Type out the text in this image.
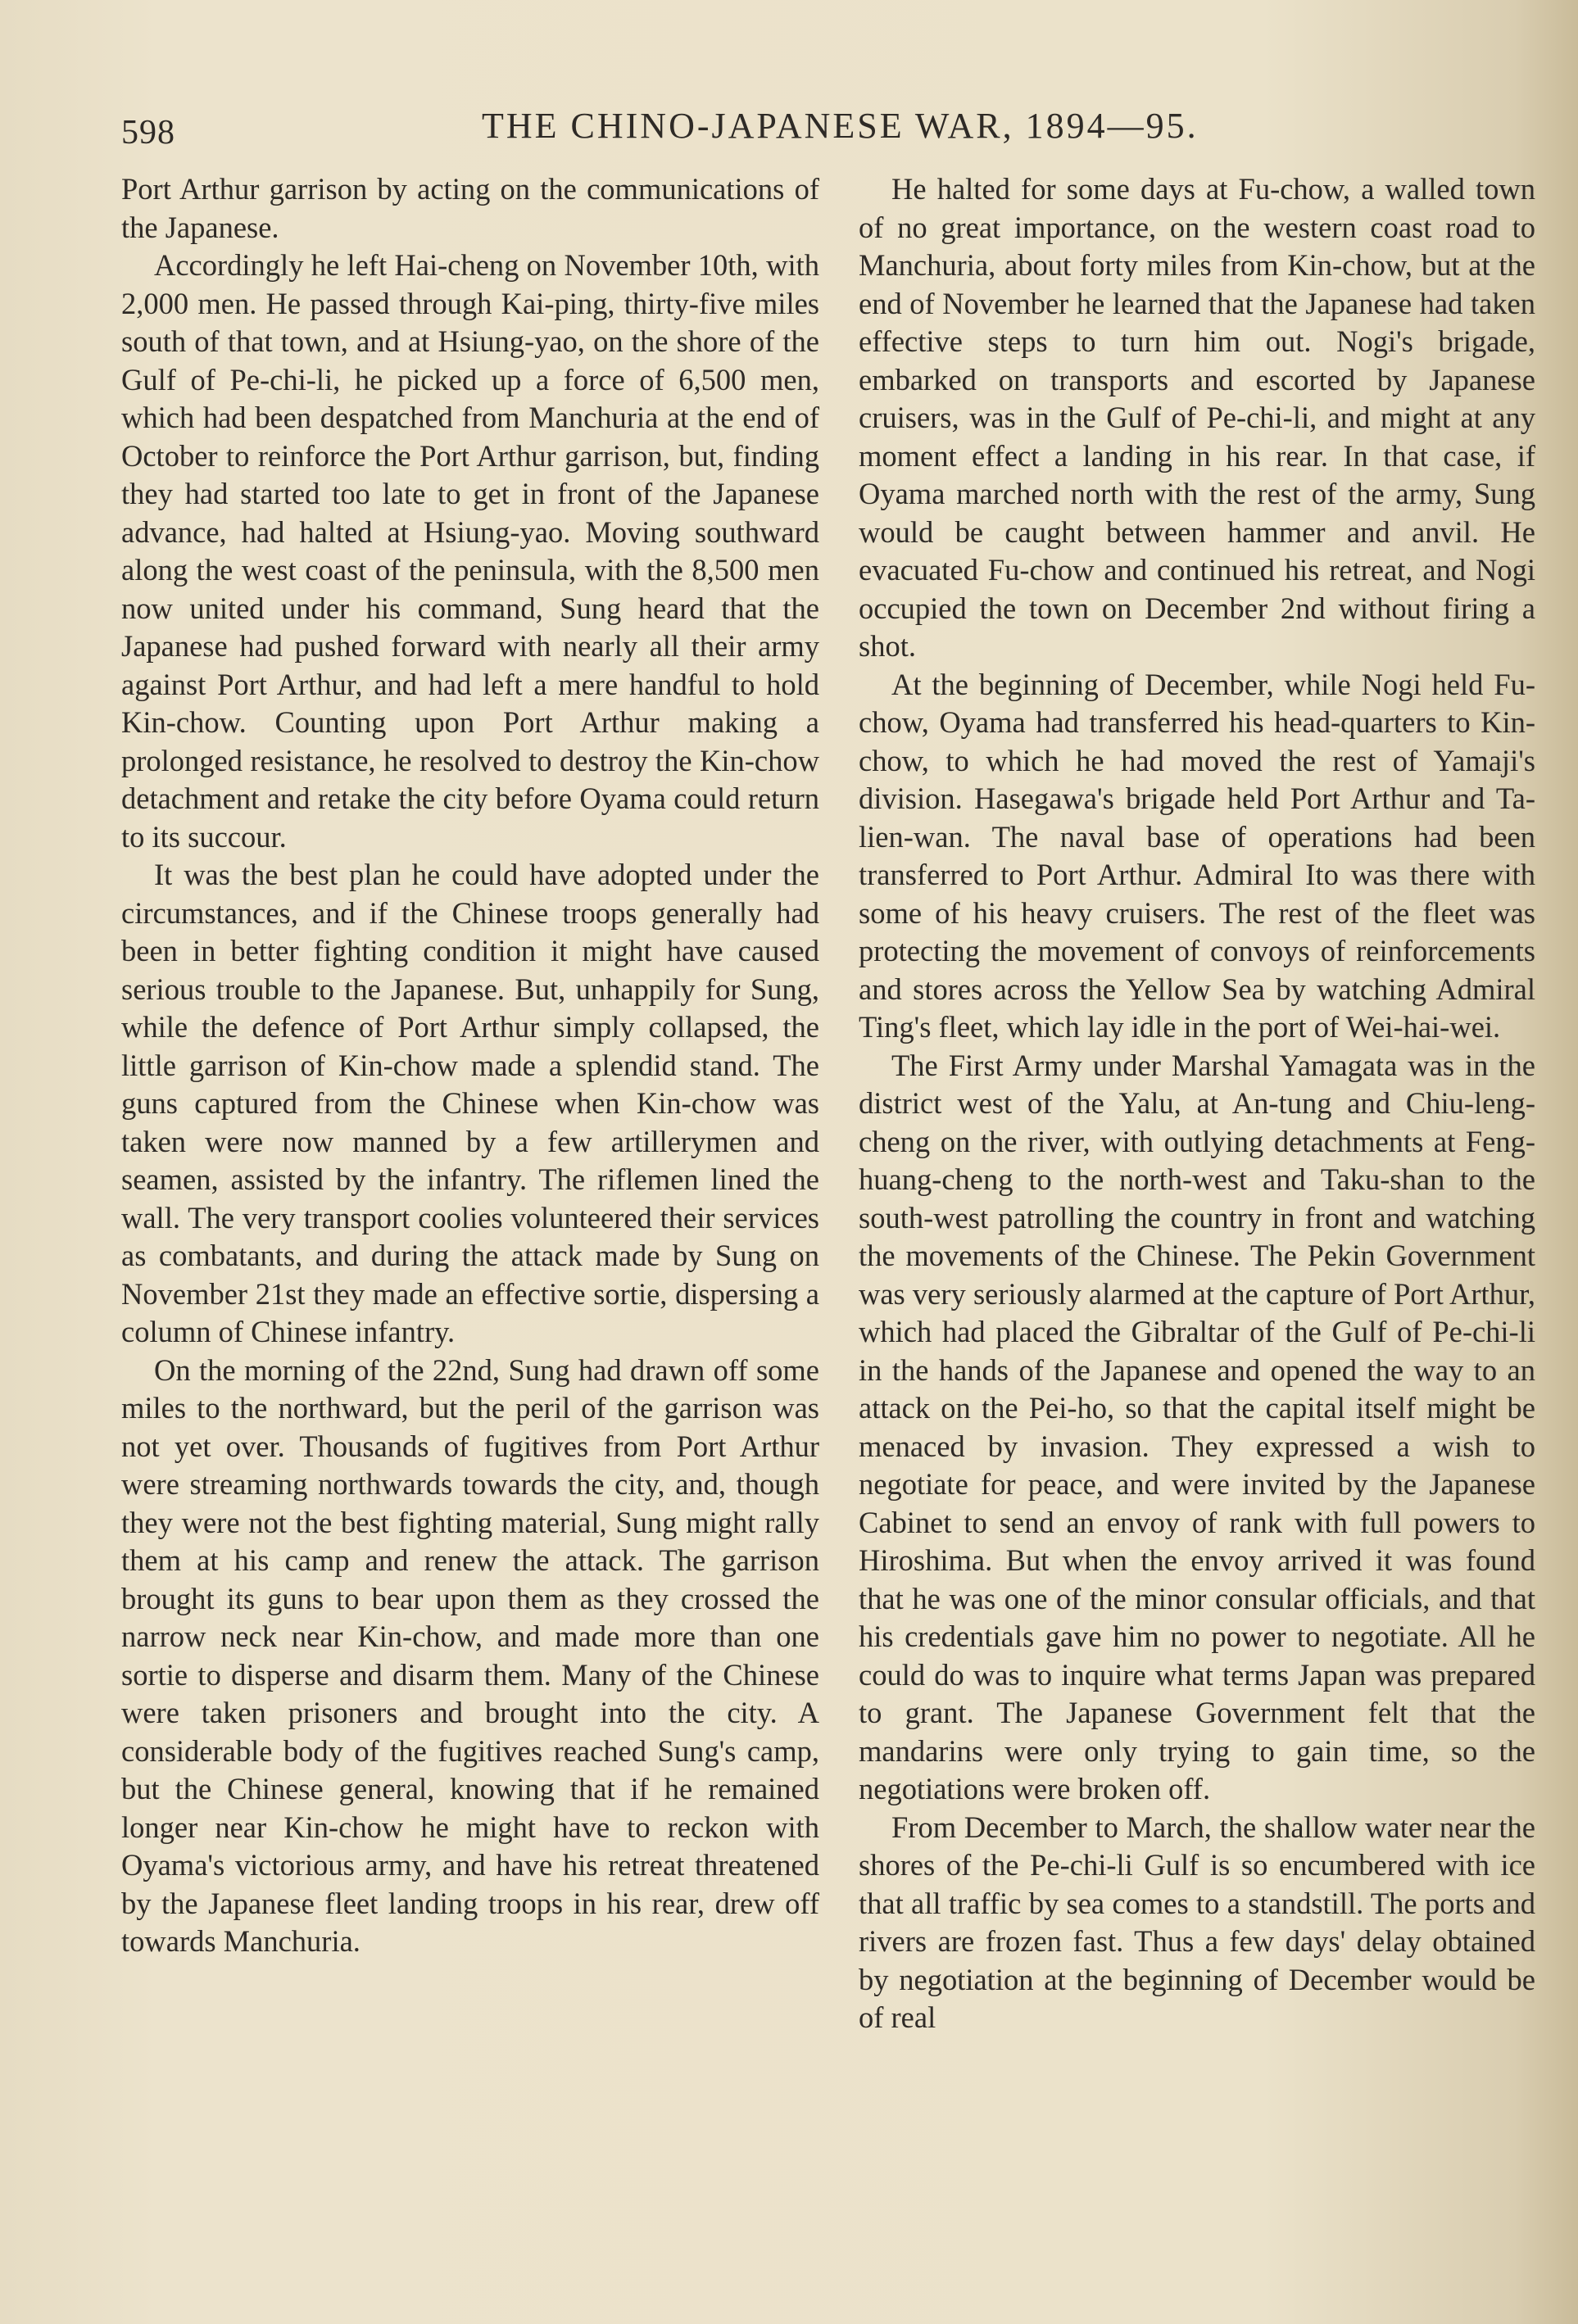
598	THE CHINO-JAPANESE WAR, 1894—95.

Port Arthur garrison by acting on the communications of the Japanese.

Accordingly he left Hai-cheng on November 10th, with 2,000 men. He passed through Kai-ping, thirty-five miles south of that town, and at Hsiung-yao, on the shore of the Gulf of Pe-chi-li, he picked up a force of 6,500 men, which had been despatched from Manchuria at the end of October to reinforce the Port Arthur garrison, but, finding they had started too late to get in front of the Japanese advance, had halted at Hsiung-yao. Moving southward along the west coast of the peninsula, with the 8,500 men now united under his command, Sung heard that the Japanese had pushed forward with nearly all their army against Port Arthur, and had left a mere handful to hold Kin-chow. Counting upon Port Arthur making a prolonged resistance, he resolved to destroy the Kin-chow detachment and retake the city before Oyama could return to its succour.

It was the best plan he could have adopted under the circumstances, and if the Chinese troops generally had been in better fighting condition it might have caused serious trouble to the Japanese. But, unhappily for Sung, while the defence of Port Arthur simply collapsed, the little garrison of Kin-chow made a splendid stand. The guns captured from the Chinese when Kin-chow was taken were now manned by a few artillerymen and seamen, assisted by the infantry. The riflemen lined the wall. The very transport coolies volunteered their services as combatants, and during the attack made by Sung on November 21st they made an effective sortie, dispersing a column of Chinese infantry.

On the morning of the 22nd, Sung had drawn off some miles to the northward, but the peril of the garrison was not yet over. Thousands of fugitives from Port Arthur were streaming northwards towards the city, and, though they were not the best fighting material, Sung might rally them at his camp and renew the attack. The garrison brought its guns to bear upon them as they crossed the narrow neck near Kin-chow, and made more than one sortie to disperse and disarm them. Many of the Chinese were taken prisoners and brought into the city. A considerable body of the fugitives reached Sung's camp, but the Chinese general, knowing that if he remained longer near Kin-chow he might have to reckon with Oyama's victorious army, and have his retreat threatened by the Japanese fleet landing troops in his rear, drew off towards Manchuria.

He halted for some days at Fu-chow, a walled town of no great importance, on the western coast road to Manchuria, about forty miles from Kin-chow, but at the end of November he learned that the Japanese had taken effective steps to turn him out. Nogi's brigade, embarked on transports and escorted by Japanese cruisers, was in the Gulf of Pe-chi-li, and might at any moment effect a landing in his rear. In that case, if Oyama marched north with the rest of the army, Sung would be caught between hammer and anvil. He evacuated Fu-chow and continued his retreat, and Nogi occupied the town on December 2nd without firing a shot.

At the beginning of December, while Nogi held Fu-chow, Oyama had transferred his head-quarters to Kin-chow, to which he had moved the rest of Yamaji's division. Hasegawa's brigade held Port Arthur and Ta-lien-wan. The naval base of operations had been transferred to Port Arthur. Admiral Ito was there with some of his heavy cruisers. The rest of the fleet was protecting the movement of convoys of reinforcements and stores across the Yellow Sea by watching Admiral Ting's fleet, which lay idle in the port of Wei-hai-wei.

The First Army under Marshal Yamagata was in the district west of the Yalu, at An-tung and Chiu-leng-cheng on the river, with outlying detachments at Feng-huang-cheng to the north-west and Taku-shan to the south-west patrolling the country in front and watching the movements of the Chinese. The Pekin Government was very seriously alarmed at the capture of Port Arthur, which had placed the Gibraltar of the Gulf of Pe-chi-li in the hands of the Japanese and opened the way to an attack on the Pei-ho, so that the capital itself might be menaced by invasion. They expressed a wish to negotiate for peace, and were invited by the Japanese Cabinet to send an envoy of rank with full powers to Hiroshima. But when the envoy arrived it was found that he was one of the minor consular officials, and that his credentials gave him no power to negotiate. All he could do was to inquire what terms Japan was prepared to grant. The Japanese Government felt that the mandarins were only trying to gain time, so the negotiations were broken off.

From December to March, the shallow water near the shores of the Pe-chi-li Gulf is so encumbered with ice that all traffic by sea comes to a standstill. The ports and rivers are frozen fast. Thus a few days' delay obtained by negotiation at the beginning of December would be of real
